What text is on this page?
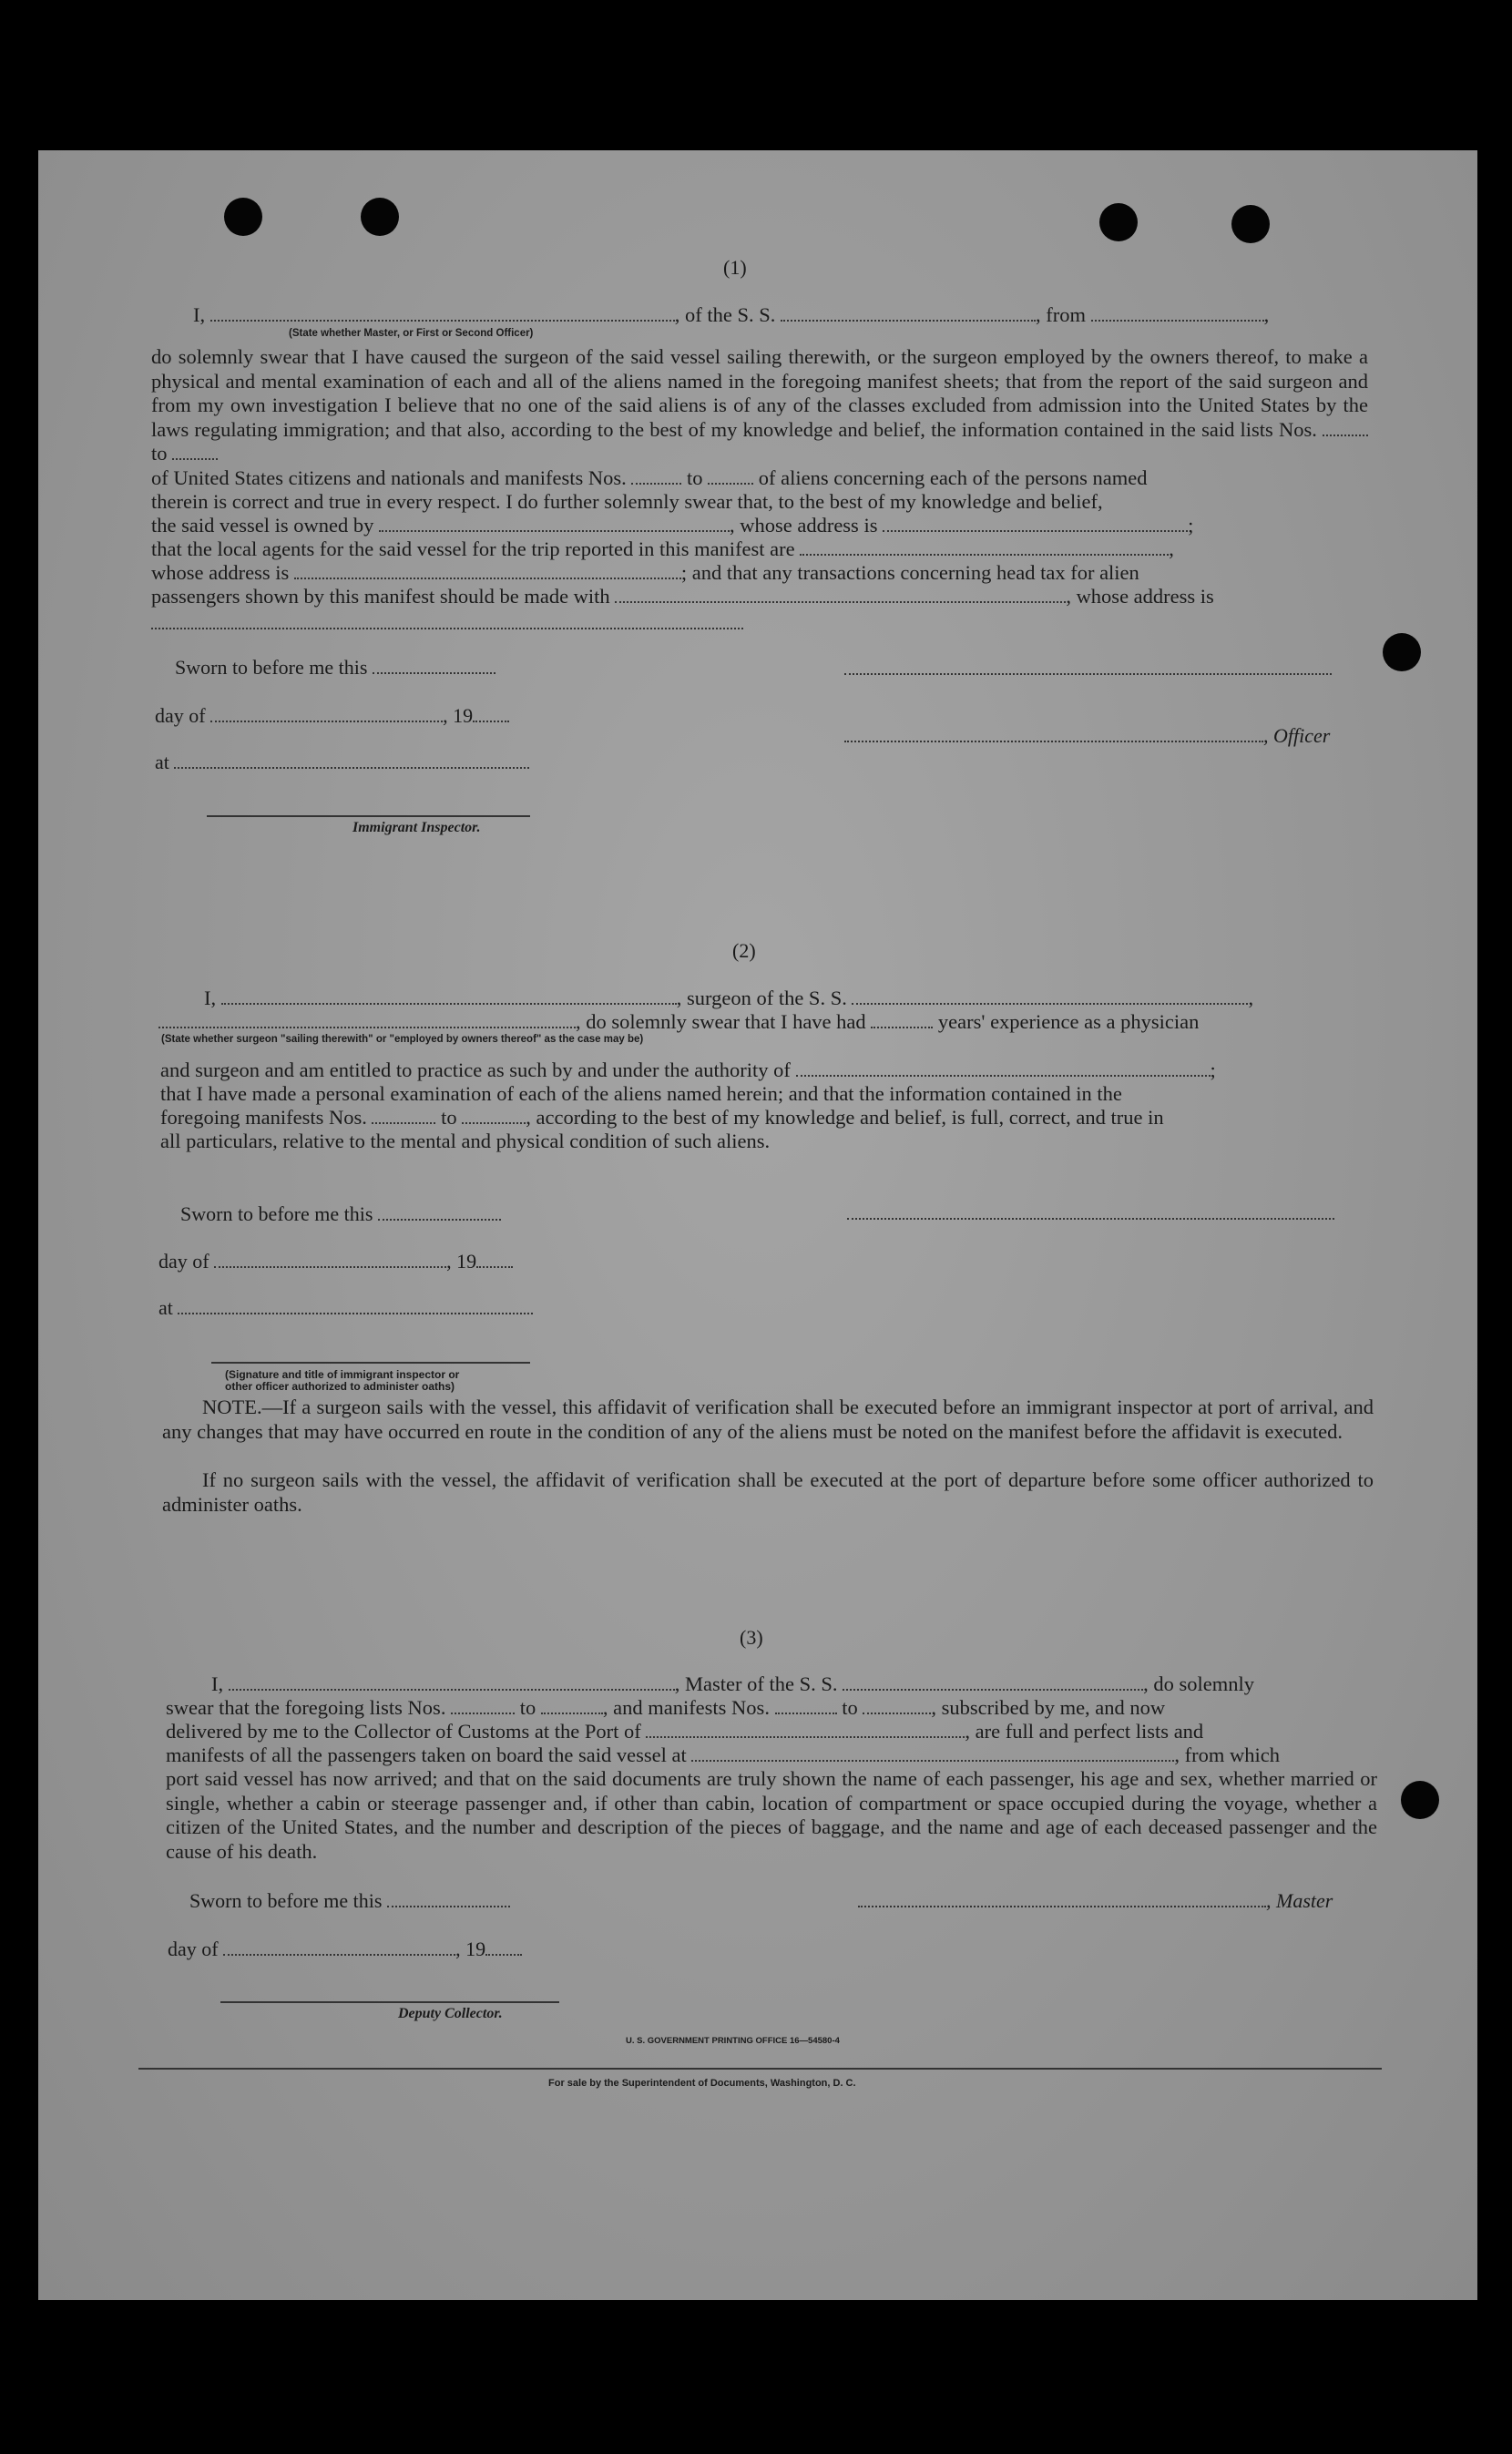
(1)
I,	, of the S. S.	, from	,
(State whether Master, or First or Second Officer)
do solemnly swear that I have caused the surgeon of the said vessel sailing therewith, or the surgeon employed by the owners thereof, to make a physical and mental examination of each and all of the aliens named in the foregoing manifest sheets; that from the report of the said surgeon and from my own investigation I believe that no one of the said aliens is of any of the classes excluded from admission into the United States by the laws regulating immigration; and that also, according to the best of my knowledge and belief, the information contained in the said lists Nos.  to
of United States citizens and nationals and manifests Nos.	to	of aliens concerning each of the persons named
therein is correct and true in every respect. I do further solemnly swear that, to the best of my knowledge and belief,
the said vessel is owned by	, whose address is	;
that the local agents for the said vessel for the trip reported in this manifest are	,
whose address is	; and that any transactions concerning head tax for alien
passengers shown by this manifest should be made with	, whose address is
Sworn to before me this
day of	, 19
at
Immigrant Inspector.
, Officer
(2)
I,	, surgeon of the S. S.	,
, do solemnly swear that I have had	years' experience as a physician
(State whether surgeon "sailing therewith" or "employed by owners thereof" as the case may be)
and surgeon and am entitled to practice as such by and under the authority of	;
that I have made a personal examination of each of the aliens named herein; and that the information contained in the
foregoing manifests Nos.	to	, according to the best of my knowledge and belief, is full, correct, and true in
all particulars, relative to the mental and physical condition of such aliens.
Sworn to before me this
day of	, 19
at
(Signature and title of immigrant inspector or
other officer authorized to administer oaths)
NOTE.—If a surgeon sails with the vessel, this affidavit of verification shall be executed before an immigrant inspector at port of arrival, and any changes that may have occurred en route in the condition of any of the aliens must be noted on the manifest before the affidavit is executed.
If no surgeon sails with the vessel, the affidavit of verification shall be executed at the port of departure before some officer authorized to administer oaths.
(3)
I,	, Master of the S. S.	, do solemnly
swear that the foregoing lists Nos.	to	, and manifests Nos.	to	, subscribed by me, and now
delivered by me to the Collector of Customs at the Port of	, are full and perfect lists and
manifests of all the passengers taken on board the said vessel at	, from which
port said vessel has now arrived; and that on the said documents are truly shown the name of each passenger, his age and sex, whether married or single, whether a cabin or steerage passenger and, if other than cabin, location of compartment or space occupied during the voyage, whether a citizen of the United States, and the number and description of the pieces of baggage, and the name and age of each deceased passenger and the cause of his death.
Sworn to before me this	, Master
day of	, 19
Deputy Collector.
U. S. GOVERNMENT PRINTING OFFICE 16—54580-4
For sale by the Superintendent of Documents, Washington, D. C.
